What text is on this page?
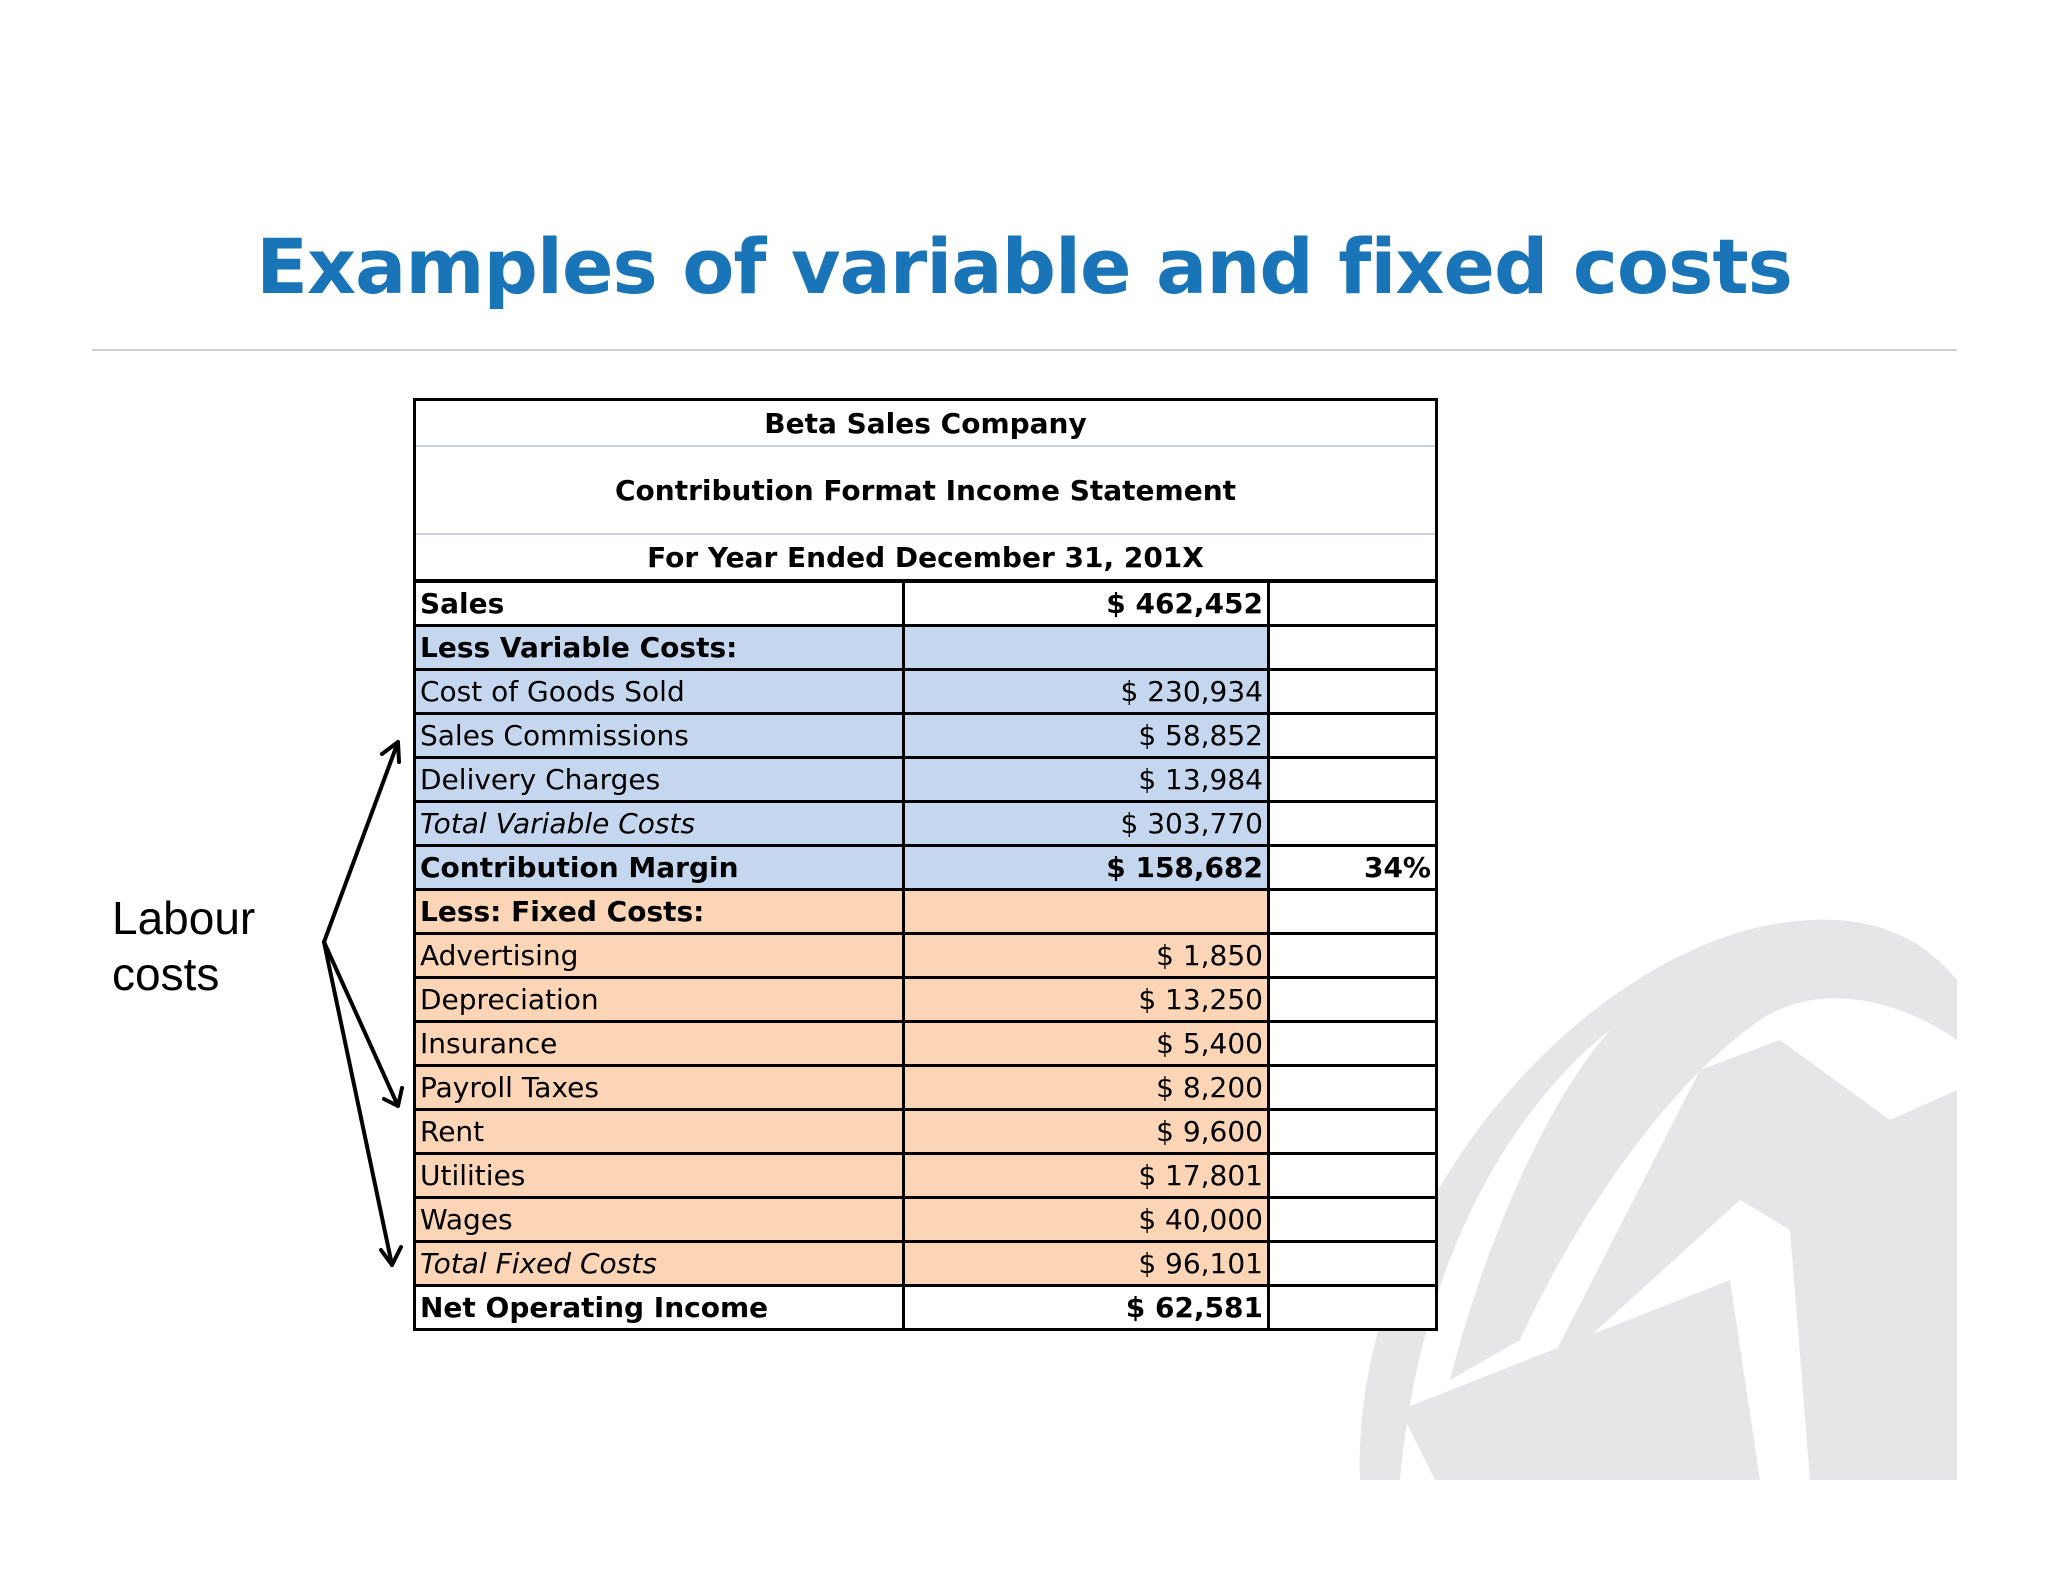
Examples of variable and fixed costs
Beta Sales Company
Contribution Format Income Statement
For Year Ended December 31, 201X
Sales	$ 462,452	
Less Variable Costs:		
Cost of Goods Sold	$ 230,934	
Sales Commissions	$ 58,852	
Delivery Charges	$ 13,984	
Total Variable Costs	$ 303,770	
Contribution Margin	$ 158,682	34%
Less: Fixed Costs:		
Advertising	$ 1,850	
Depreciation	$ 13,250	
Insurance	$ 5,400	
Payroll Taxes	$ 8,200	
Rent	$ 9,600	
Utilities	$ 17,801	
Wages	$ 40,000	
Total Fixed Costs	$ 96,101	
Net Operating Income	$ 62,581	
Labour
costs
